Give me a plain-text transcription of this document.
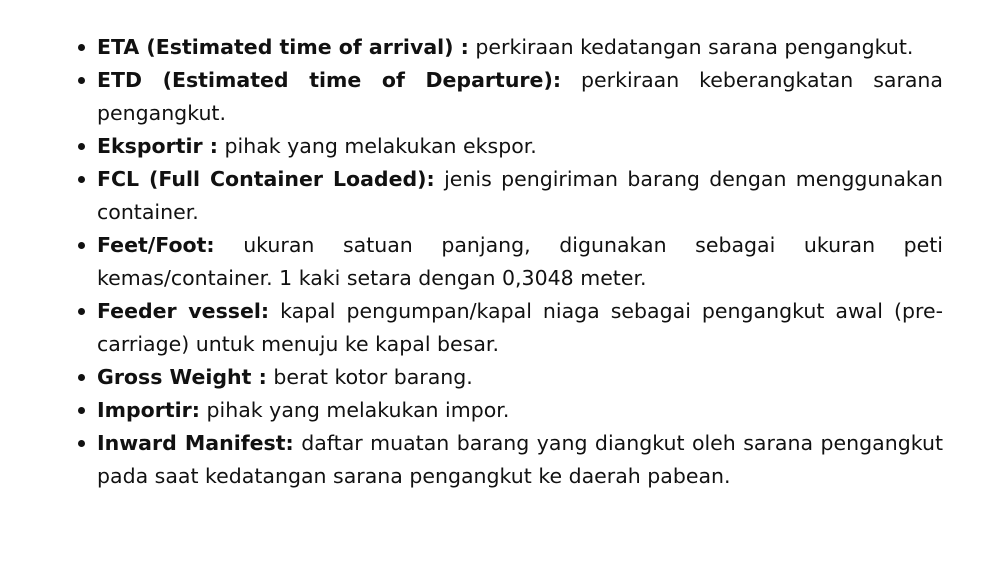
ETA (Estimated time of arrival) : perkiraan kedatangan sarana pengangkut.
ETD (Estimated time of Departure): perkiraan keberangkatan sarana pengangkut.
Eksportir : pihak yang melakukan ekspor.
FCL (Full Container Loaded): jenis pengiriman barang dengan menggunakan container.
Feet/Foot: ukuran satuan panjang, digunakan sebagai ukuran peti kemas/container. 1 kaki setara dengan 0,3048 meter.
Feeder vessel: kapal pengumpan/kapal niaga sebagai pengangkut awal (pre-carriage) untuk menuju ke kapal besar.
Gross Weight : berat kotor barang.
Importir: pihak yang melakukan impor.
Inward Manifest: daftar muatan barang yang diangkut oleh sarana pengangkut pada saat kedatangan sarana pengangkut ke daerah pabean.
